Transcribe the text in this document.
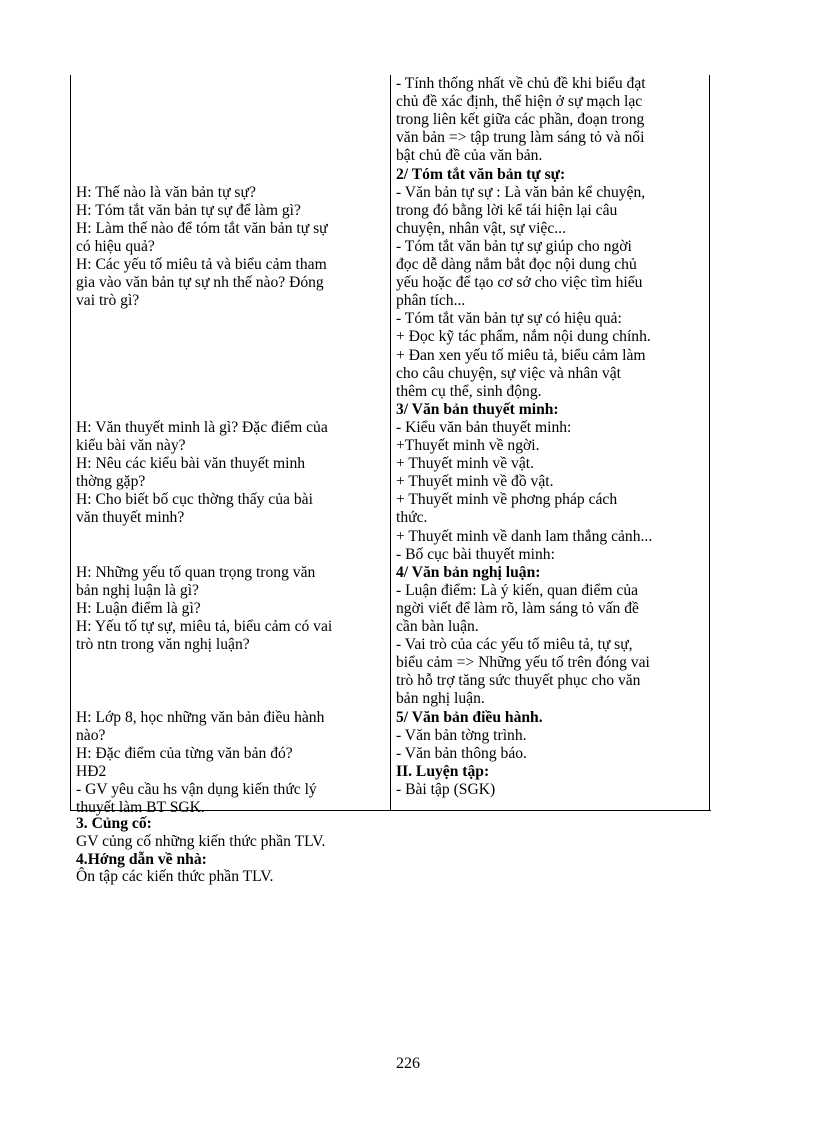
H: Thế nào là văn bản tự sự?
H: Tóm tắt văn bản tự sự để làm gì?
H: Làm thế nào để tóm tắt văn bản tự sự
có hiệu quả?
H: Các yếu tố miêu tả và biểu cảm tham
gia vào văn bản tự sự nh thế nào? Đóng
vai trò gì?
H: Văn thuyết minh là gì? Đặc điểm của
kiểu bài văn này?
H: Nêu các kiểu bài văn thuyết minh
thờng gặp?
H: Cho biết bố cục thờng thấy của bài
văn thuyết minh?
H: Những yếu tố quan trọng trong văn
bản nghị luận là gì?
H: Luận điểm là gì?
H: Yếu tố tự sự, miêu tả, biểu cảm có vai
trò ntn trong văn nghị luận?
H: Lớp 8, học những văn bản điều hành
nào?
H: Đặc điểm của từng văn bản đó?
HĐ2
- GV yêu cầu hs vận dụng kiến thức lý
thuyết làm BT SGK.
- Tính thống nhất về chủ đề khi biểu đạt
chủ đề xác định, thể hiện ở sự mạch lạc
trong liên kết giữa các phần, đoạn trong
văn bản => tập trung làm sáng tỏ và nổi
bật chủ đề của văn bản.
2/ Tóm tắt văn bản tự sự:
- Văn bản tự sự : Là văn bản kể chuyện,
trong đó bằng lời kể tái hiện lại câu
chuyện, nhân vật, sự việc...
- Tóm tắt văn bản tự sự giúp cho ngời
đọc dễ dàng nắm bắt đọc nội dung chủ
yếu hoặc để tạo cơ sở cho việc tìm hiểu
phân tích...
- Tóm tắt văn bản tự sự có hiệu quả:
+ Đọc kỹ tác phẩm, nắm nội dung chính.
+ Đan xen yếu tố miêu tả, biểu cảm làm
cho câu chuyện, sự việc và nhân vật
thêm cụ thể, sinh động.
3/ Văn bản thuyết minh:
- Kiểu văn bản thuyết minh:
+Thuyết minh về ngời.
+ Thuyết minh về vật.
+ Thuyết minh về đồ vật.
+ Thuyết minh về phơng pháp cách
thức.
+ Thuyết minh về danh lam thắng cảnh...
- Bố cục bài thuyết minh:
4/ Văn bản nghị luận:
- Luận điểm: Là ý kiến, quan điểm của
ngời viết để làm rõ, làm sáng tỏ vấn đề
cần bàn luận.
- Vai trò của các yếu tố miêu tả, tự sự,
biểu cảm => Những yếu tố trên đóng vai
trò hỗ trợ tăng sức thuyết phục cho văn
bản nghị luận.
5/ Văn bản điều hành.
- Văn bản tờng trình.
- Văn bản thông báo.
II. Luyện tập:
- Bài tập (SGK)
3. Củng cố:
GV củng cố những kiến thức phần TLV.
4.Hớng dẫn về nhà:
Ôn tập các kiến thức phần TLV.
226
